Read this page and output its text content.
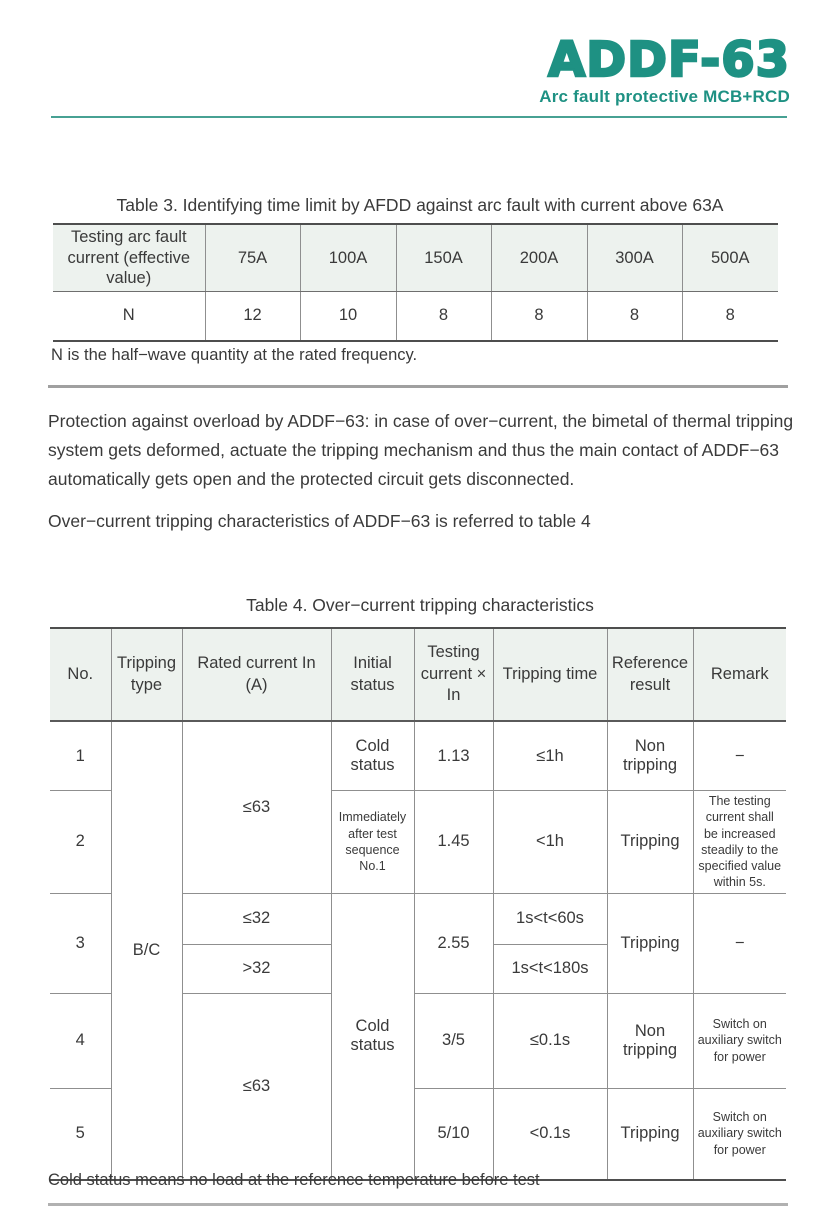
ADDF-63
Arc fault protective MCB+RCD
Table 3. Identifying time limit by AFDD against arc fault with current above 63A
Testing arc fault current (effective value)	75A	100A	150A	200A	300A	500A
N	12	10	8	8	8	8
N is the half−wave quantity at the rated frequency.
Protection against overload by ADDF−63: in case of over−current, the bimetal of thermal tripping system gets deformed, actuate the tripping mechanism and thus the main contact of ADDF−63 automatically gets open and the protected circuit gets disconnected.
Over−current tripping characteristics of ADDF−63 is referred to table 4
Table 4. Over−current tripping characteristics
No.	Tripping type	Rated current In (A)	Initial status	Testing current × In	Tripping time	Reference result	Remark
1	B/C	≤63	Cold status	1.13	≤1h	Non tripping	−
2			Immediately after test sequence No.1	1.45	<1h	Tripping	The testing current shall be increased steadily to the specified value within 5s.
3		≤32	Cold status	2.55	1s<t<60s	Tripping	−
		>32			1s<t<180s		
4		≤63		3/5	≤0.1s	Non tripping	Switch on auxiliary switch for power
5				5/10	<0.1s	Tripping	Switch on auxiliary switch for power
Cold status means no load at the reference temperature before test
